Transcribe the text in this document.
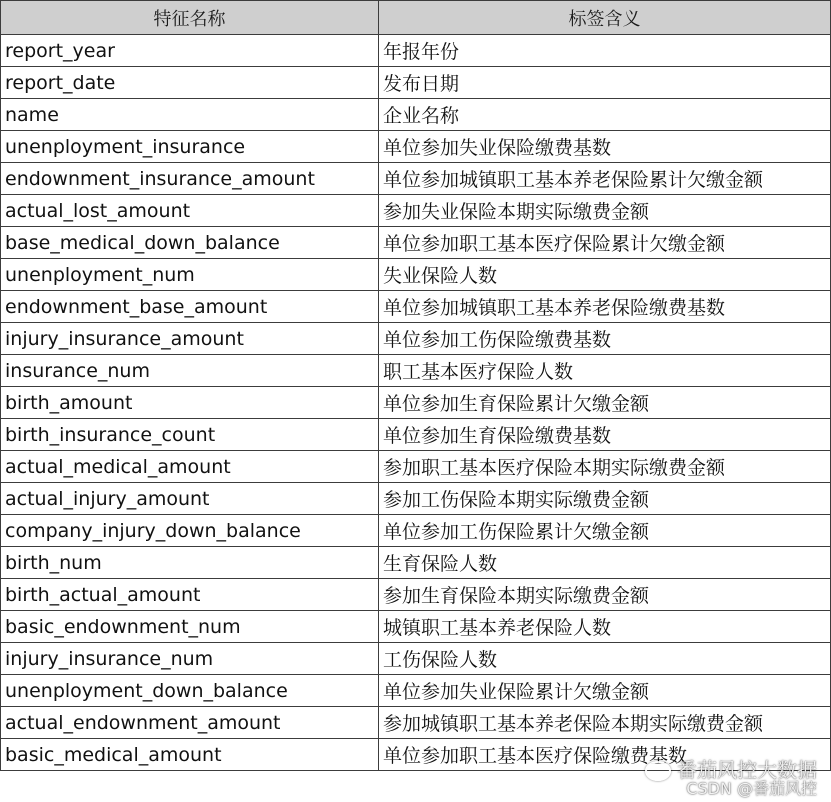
特征名称	标签含义
report_year	年报年份
report_date	发布日期
name	企业名称
unenployment_insurance	单位参加失业保险缴费基数
endownment_insurance_amount	单位参加城镇职工基本养老保险累计欠缴金额
actual_lost_amount	参加失业保险本期实际缴费金额
base_medical_down_balance	单位参加职工基本医疗保险累计欠缴金额
unenployment_num	失业保险人数
endownment_base_amount	单位参加城镇职工基本养老保险缴费基数
injury_insurance_amount	单位参加工伤保险缴费基数
insurance_num	职工基本医疗保险人数
birth_amount	单位参加生育保险累计欠缴金额
birth_insurance_count	单位参加生育保险缴费基数
actual_medical_amount	参加职工基本医疗保险本期实际缴费金额
actual_injury_amount	参加工伤保险本期实际缴费金额
company_injury_down_balance	单位参加工伤保险累计欠缴金额
birth_num	生育保险人数
birth_actual_amount	参加生育保险本期实际缴费金额
basic_endownment_num	城镇职工基本养老保险人数
injury_insurance_num	工伤保险人数
unenployment_down_balance	单位参加失业保险累计欠缴金额
actual_endownment_amount	参加城镇职工基本养老保险本期实际缴费金额
basic_medical_amount	单位参加职工基本医疗保险缴费基数
番茄风控大数据
CSDN @番茄风控
